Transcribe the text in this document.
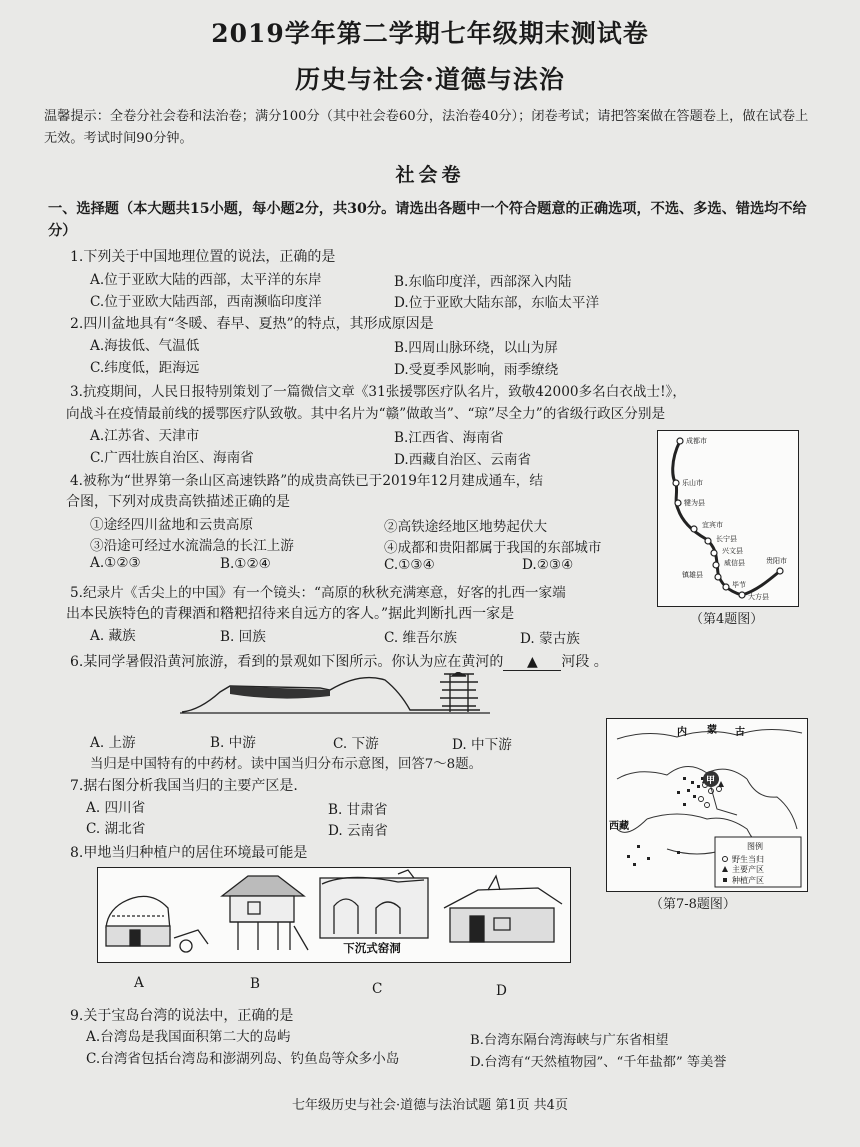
2019学年第二学期七年级期末测试卷
历史与社会·道德与法治
温馨提示：全卷分社会卷和法治卷；满分100分（其中社会卷60分，法治卷40分）；闭卷考试；请把答案做在答题卷上，做在试卷上无效。考试时间90分钟。
社会卷
一、选择题（本大题共15小题，每小题2分，共30分。请选出各题中一个符合题意的正确选项，不选、多选、错选均不给分）
1.下列关于中国地理位置的说法，正确的是
A.位于亚欧大陆的西部，太平洋的东岸	B.东临印度洋，西部深入内陆
C.位于亚欧大陆西部，西南濒临印度洋	D.位于亚欧大陆东部，东临太平洋
2.四川盆地具有“冬暖、春早、夏热”的特点，其形成原因是
A.海拔低、气温低	B.四周山脉环绕，以山为屏
C.纬度低，距海远	D.受夏季风影响，雨季缭绕
3.抗疫期间，人民日报特别策划了一篇微信文章《31张援鄂医疗队名片，致敬42000多名白衣战士!》，
向战斗在疫情最前线的援鄂医疗队致敬。其中名片为“赣”做敢当”、“琼”尽全力”的省级行政区分别是
A.江苏省、天津市	B.江西省、海南省
C.广西壮族自治区、海南省	D.西藏自治区、云南省
4.被称为“世界第一条山区高速铁路”的成贵高铁已于2019年12月建成通车，结
合图，下列对成贵高铁描述正确的是
①途经四川盆地和云贵高原	②高铁途经地区地势起伏大
③沿途可经过水流湍急的长江上游	④成都和贵阳都属于我国的东部城市
A.①②③	B.①②④	C.①③④	D.②③④
5.纪录片《舌尖上的中国》有一个镜头：“高原的秋秋充满寒意，好客的扎西一家端
出本民族特色的青稞酒和糌粑招待来自远方的客人。”据此判断扎西一家是
A. 藏族	B. 回族	C. 维吾尔族	D. 蒙古族
6.某同学暑假沿黄河旅游，看到的景观如下图所示。你认为应在黄河的 ▲ 河段 。
A. 上游	B. 中游	C. 下游	D. 中下游
当归是中国特有的中药材。读中国当归分布示意图，回答7～8题。
7.据右图分析我国当归的主要产区是.
A. 四川省	B. 甘肃省
C. 湖北省	D. 云南省
8.甲地当归种植户的居住环境最可能是
下沉式窑洞
A	B	C	D
9.关于宝岛台湾的说法中，正确的是
A.台湾岛是我国面积第二大的岛屿	B.台湾东隔台湾海峡与广东省相望
C.台湾省包括台湾岛和澎湖列岛、钓鱼岛等众多小岛	D.台湾有“天然植物园”、“千年盐都” 等美誉
成都市
乐山市
犍为县
宜宾市
长宁县
兴文县
威信县
镇雄县
毕节
大方县
贵阳市
（第4题图）
内 蒙 古
西藏
甲
图例
野生当归
主要产区
种植产区
（第7-8题图）
七年级历史与社会·道德与法治试题 第1页 共4页
